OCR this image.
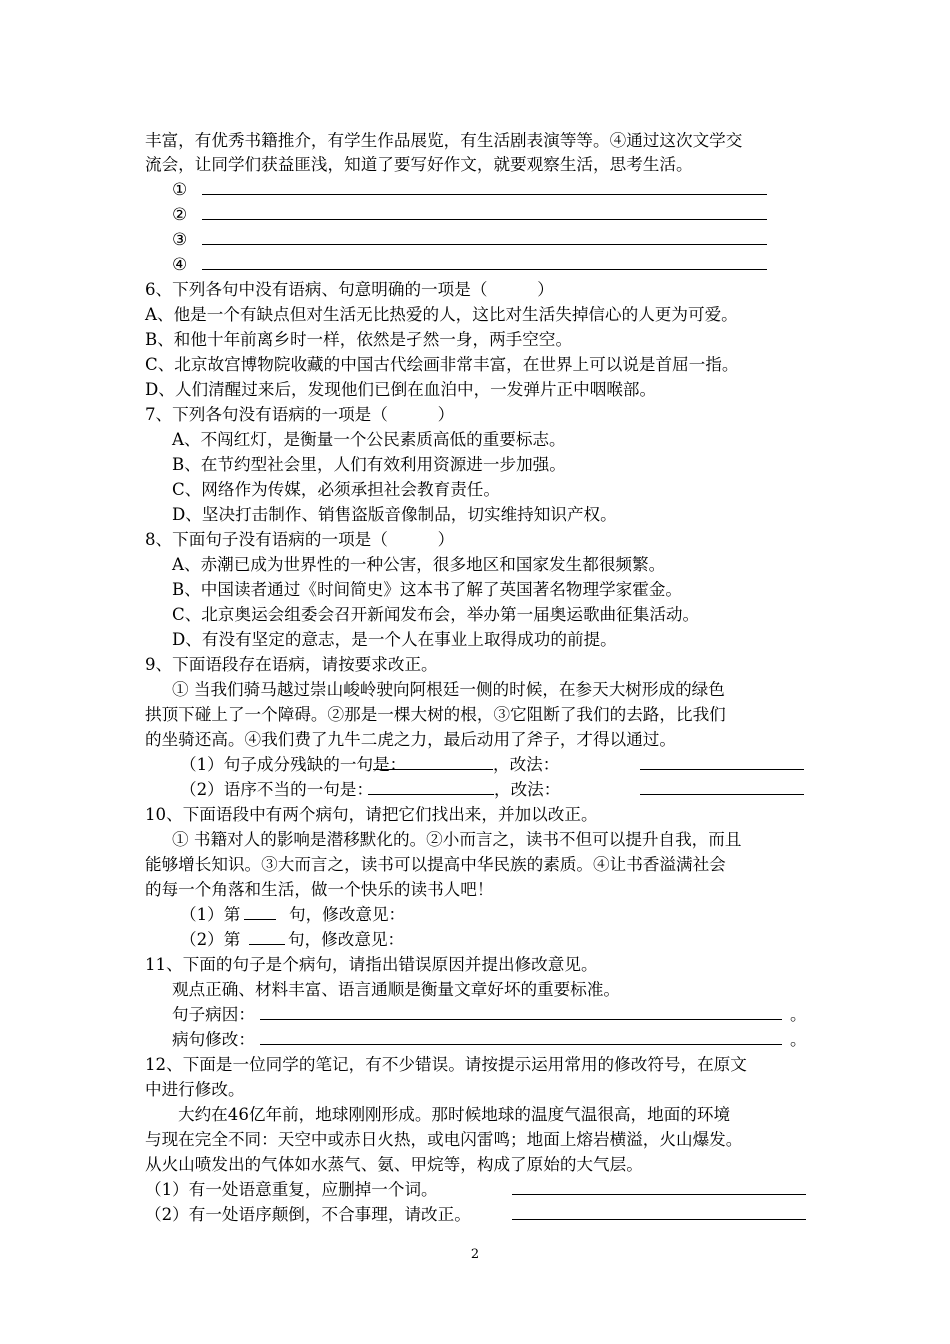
丰富，有优秀书籍推介，有学生作品展览，有生活剧表演等等。④通过这次文学交
流会，让同学们获益匪浅，知道了要写好作文，就要观察生活，思考生活。
①
②
③
④
6、下列各句中没有语病、句意明确的一项是（　　　）
A、他是一个有缺点但对生活无比热爱的人，这比对生活失掉信心的人更为可爱。
B、和他十年前离乡时一样，依然是孑然一身，两手空空。
C、北京故宫博物院收藏的中国古代绘画非常丰富，在世界上可以说是首屈一指。
D、人们清醒过来后，发现他们已倒在血泊中，一发弹片正中咽喉部。
7、下列各句没有语病的一项是（　　　）
A、不闯红灯，是衡量一个公民素质高低的重要标志。
B、在节约型社会里，人们有效利用资源进一步加强。
C、网络作为传媒，必须承担社会教育责任。
D、坚决打击制作、销售盗版音像制品，切实维持知识产权。
8、下面句子没有语病的一项是（　　　）
A、赤潮已成为世界性的一种公害，很多地区和国家发生都很频繁。
B、中国读者通过《时间简史》这本书了解了英国著名物理学家霍金。
C、北京奥运会组委会召开新闻发布会，举办第一届奥运歌曲征集活动。
D、有没有坚定的意志，是一个人在事业上取得成功的前提。
9、下面语段存在语病，请按要求改正。
① 当我们骑马越过崇山峻岭驶向阿根廷一侧的时候，在参天大树形成的绿色
拱顶下碰上了一个障碍。②那是一棵大树的根，③它阻断了我们的去路，比我们
的坐骑还高。④我们费了九牛二虎之力，最后动用了斧子，才得以通过。
（1）句子成分残缺的一句是：	，改法：
（2）语序不当的一句是：	，改法：
10、下面语段中有两个病句，请把它们找出来，并加以改正。
① 书籍对人的影响是潜移默化的。②小而言之，读书不但可以提升自我，而且
能够增长知识。③大而言之，读书可以提高中华民族的素质。④让书香溢满社会
的每一个角落和生活，做一个快乐的读书人吧！
（1）第	句，修改意见：
（2）第	句，修改意见：
11、下面的句子是个病句，请指出错误原因并提出修改意见。
观点正确、材料丰富、语言通顺是衡量文章好坏的重要标准。
句子病因：	。
病句修改：	。
12、下面是一位同学的笔记，有不少错误。请按提示运用常用的修改符号，在原文
中进行修改。
大约在46亿年前，地球刚刚形成。那时候地球的温度气温很高，地面的环境
与现在完全不同：天空中或赤日火热，或电闪雷鸣；地面上熔岩横溢，火山爆发。
从火山喷发出的气体如水蒸气、氨、甲烷等，构成了原始的大气层。
（1）有一处语意重复，应删掉一个词。
（2）有一处语序颠倒，不合事理，请改正。
2
